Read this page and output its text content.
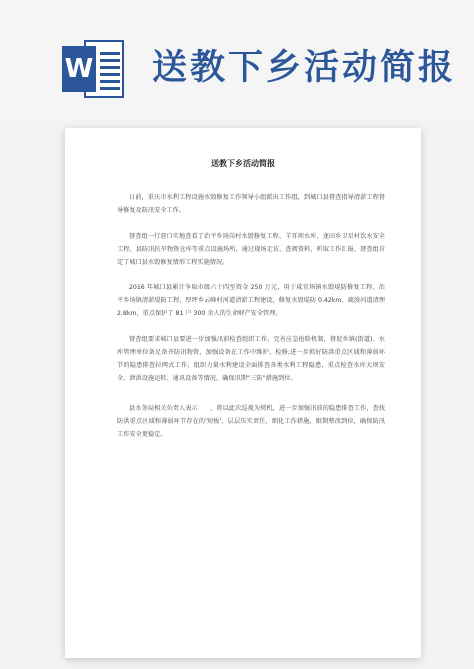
W 送教下乡活动简报
送教下乡活动简报

日前，重庆市水利工程设施水毁修复工作领导小组派出工作组，到城口县督查指导清淤工程督导修复及防汛安全工作。

督查组一行窘口实地查看了治平乡场岗村水毁修复工程、羊耳坝水库、龙田乡卫星村饮水安全工程、县防汛抗旱物资仓库等重点设施场所，通过现场走访，查阅资料，听取工作汇报，督查组肯定了城口县水毁修复情形工程实施情况。

2016 年城口县累计争取市级六十四至资金 250 万元，用于咸宜场镇水毁堤防修复工程、治平乡场镇清淤堤防工程、厚坪乡云峰村河道清淤工程建设，修复水毁堤防 0.42km、疏浚河道清理 2.8km，重点保护了 81 户 300 余人的生命财产安全管理。

督查组要求城口县要进一步加强汛前检查组织工作，完善应急抢险机制，督促乡镇(街道)、水库管理单位备足备齐防汛物资，加强设备在工作中维护、检修;进一步抓好防洪重点区域和薄弱环节的隐患排查拉网式工作，组织力量水利建设全面排查各类水利工程隐患，重点检查水库大坝安全、泄洪设施运转、通讯设备等情况，确保汛期“三防”措施到位。

县水务局相关负责人表示　　，将以此次巡视为契机，进一步加强汛前的隐患排查工作，查找防洪重点区域和薄弱环节存在的'短板'，层层压实责任，细化工作措施，限期整改到位，确保防汛工作安全更稳定。
